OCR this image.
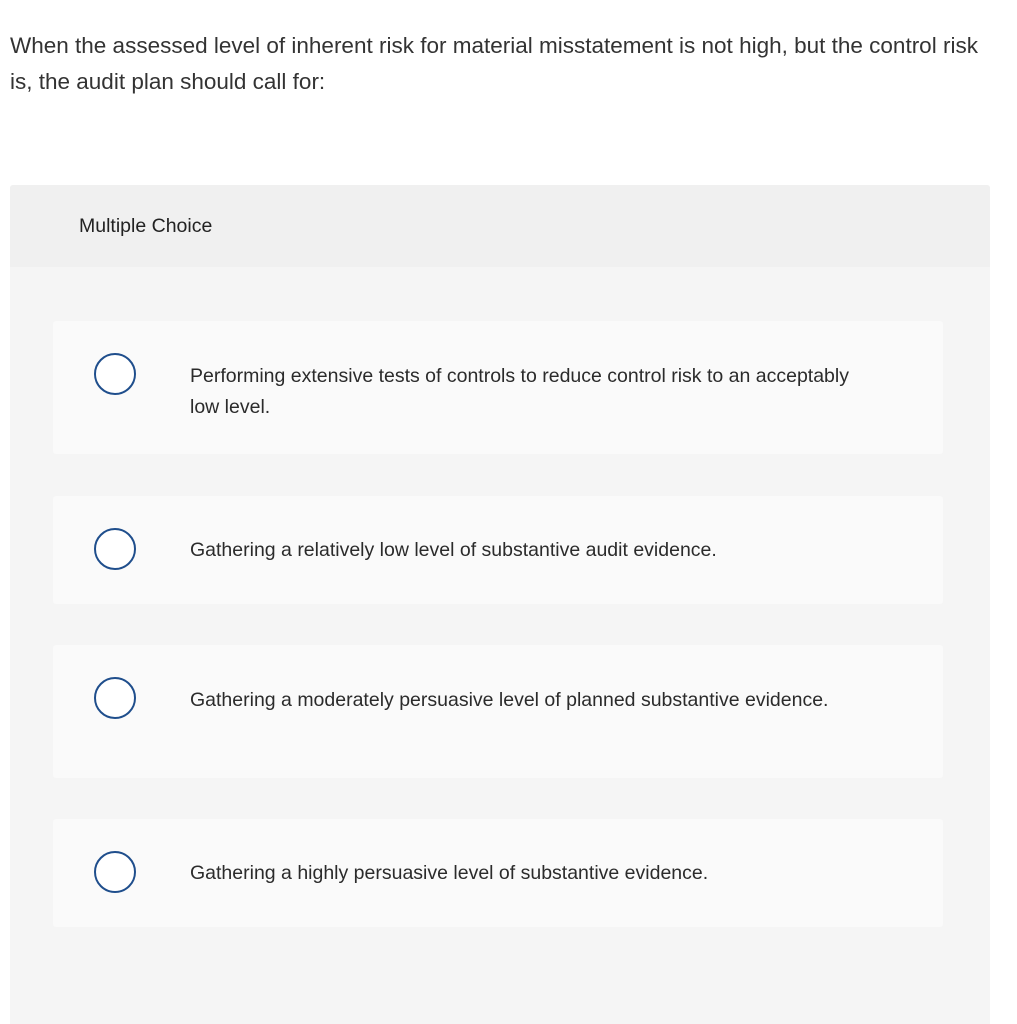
When the assessed level of inherent risk for material misstatement is not high, but the control risk is, the audit plan should call for:
Multiple Choice
Performing extensive tests of controls to reduce control risk to an acceptably low level.
Gathering a relatively low level of substantive audit evidence.
Gathering a moderately persuasive level of planned substantive evidence.
Gathering a highly persuasive level of substantive evidence.
